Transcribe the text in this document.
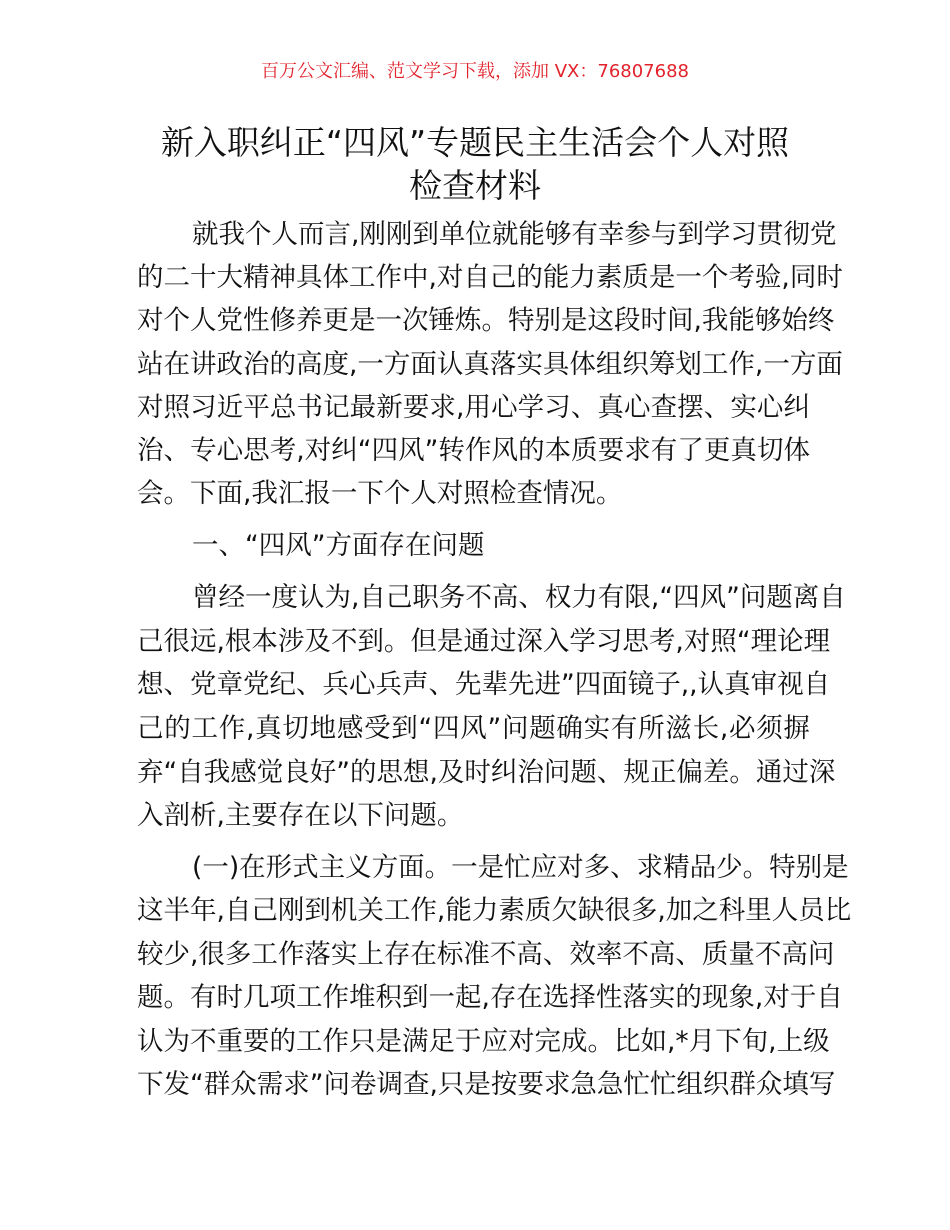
百万公文汇编、范文学习下载，添加 VX：76807688
新入职纠正“四风”专题民主生活会个人对照
检查材料
就我个人而言,刚刚到单位就能够有幸参与到学习贯彻党
的二十大精神具体工作中,对自己的能力素质是一个考验,同时
对个人党性修养更是一次锤炼。特别是这段时间,我能够始终
站在讲政治的高度,一方面认真落实具体组织筹划工作,一方面
对照习近平总书记最新要求,用心学习、真心查摆、实心纠
治、专心思考,对纠“四风”转作风的本质要求有了更真切体
会。下面,我汇报一下个人对照检查情况。
一、“四风”方面存在问题
曾经一度认为,自己职务不高、权力有限,“四风”问题离自
己很远,根本涉及不到。但是通过深入学习思考,对照“理论理
想、党章党纪、兵心兵声、先辈先进”四面镜子,,认真审视自
己的工作,真切地感受到“四风”问题确实有所滋长,必须摒
弃“自我感觉良好”的思想,及时纠治问题、规正偏差。通过深
入剖析,主要存在以下问题。
(一)在形式主义方面。一是忙应对多、求精品少。特别是
这半年,自己刚到机关工作,能力素质欠缺很多,加之科里人员比
较少,很多工作落实上存在标准不高、效率不高、质量不高问
题。有时几项工作堆积到一起,存在选择性落实的现象,对于自
认为不重要的工作只是满足于应对完成。比如,*月下旬,上级
下发“群众需求”问卷调查,只是按要求急急忙忙组织群众填写
